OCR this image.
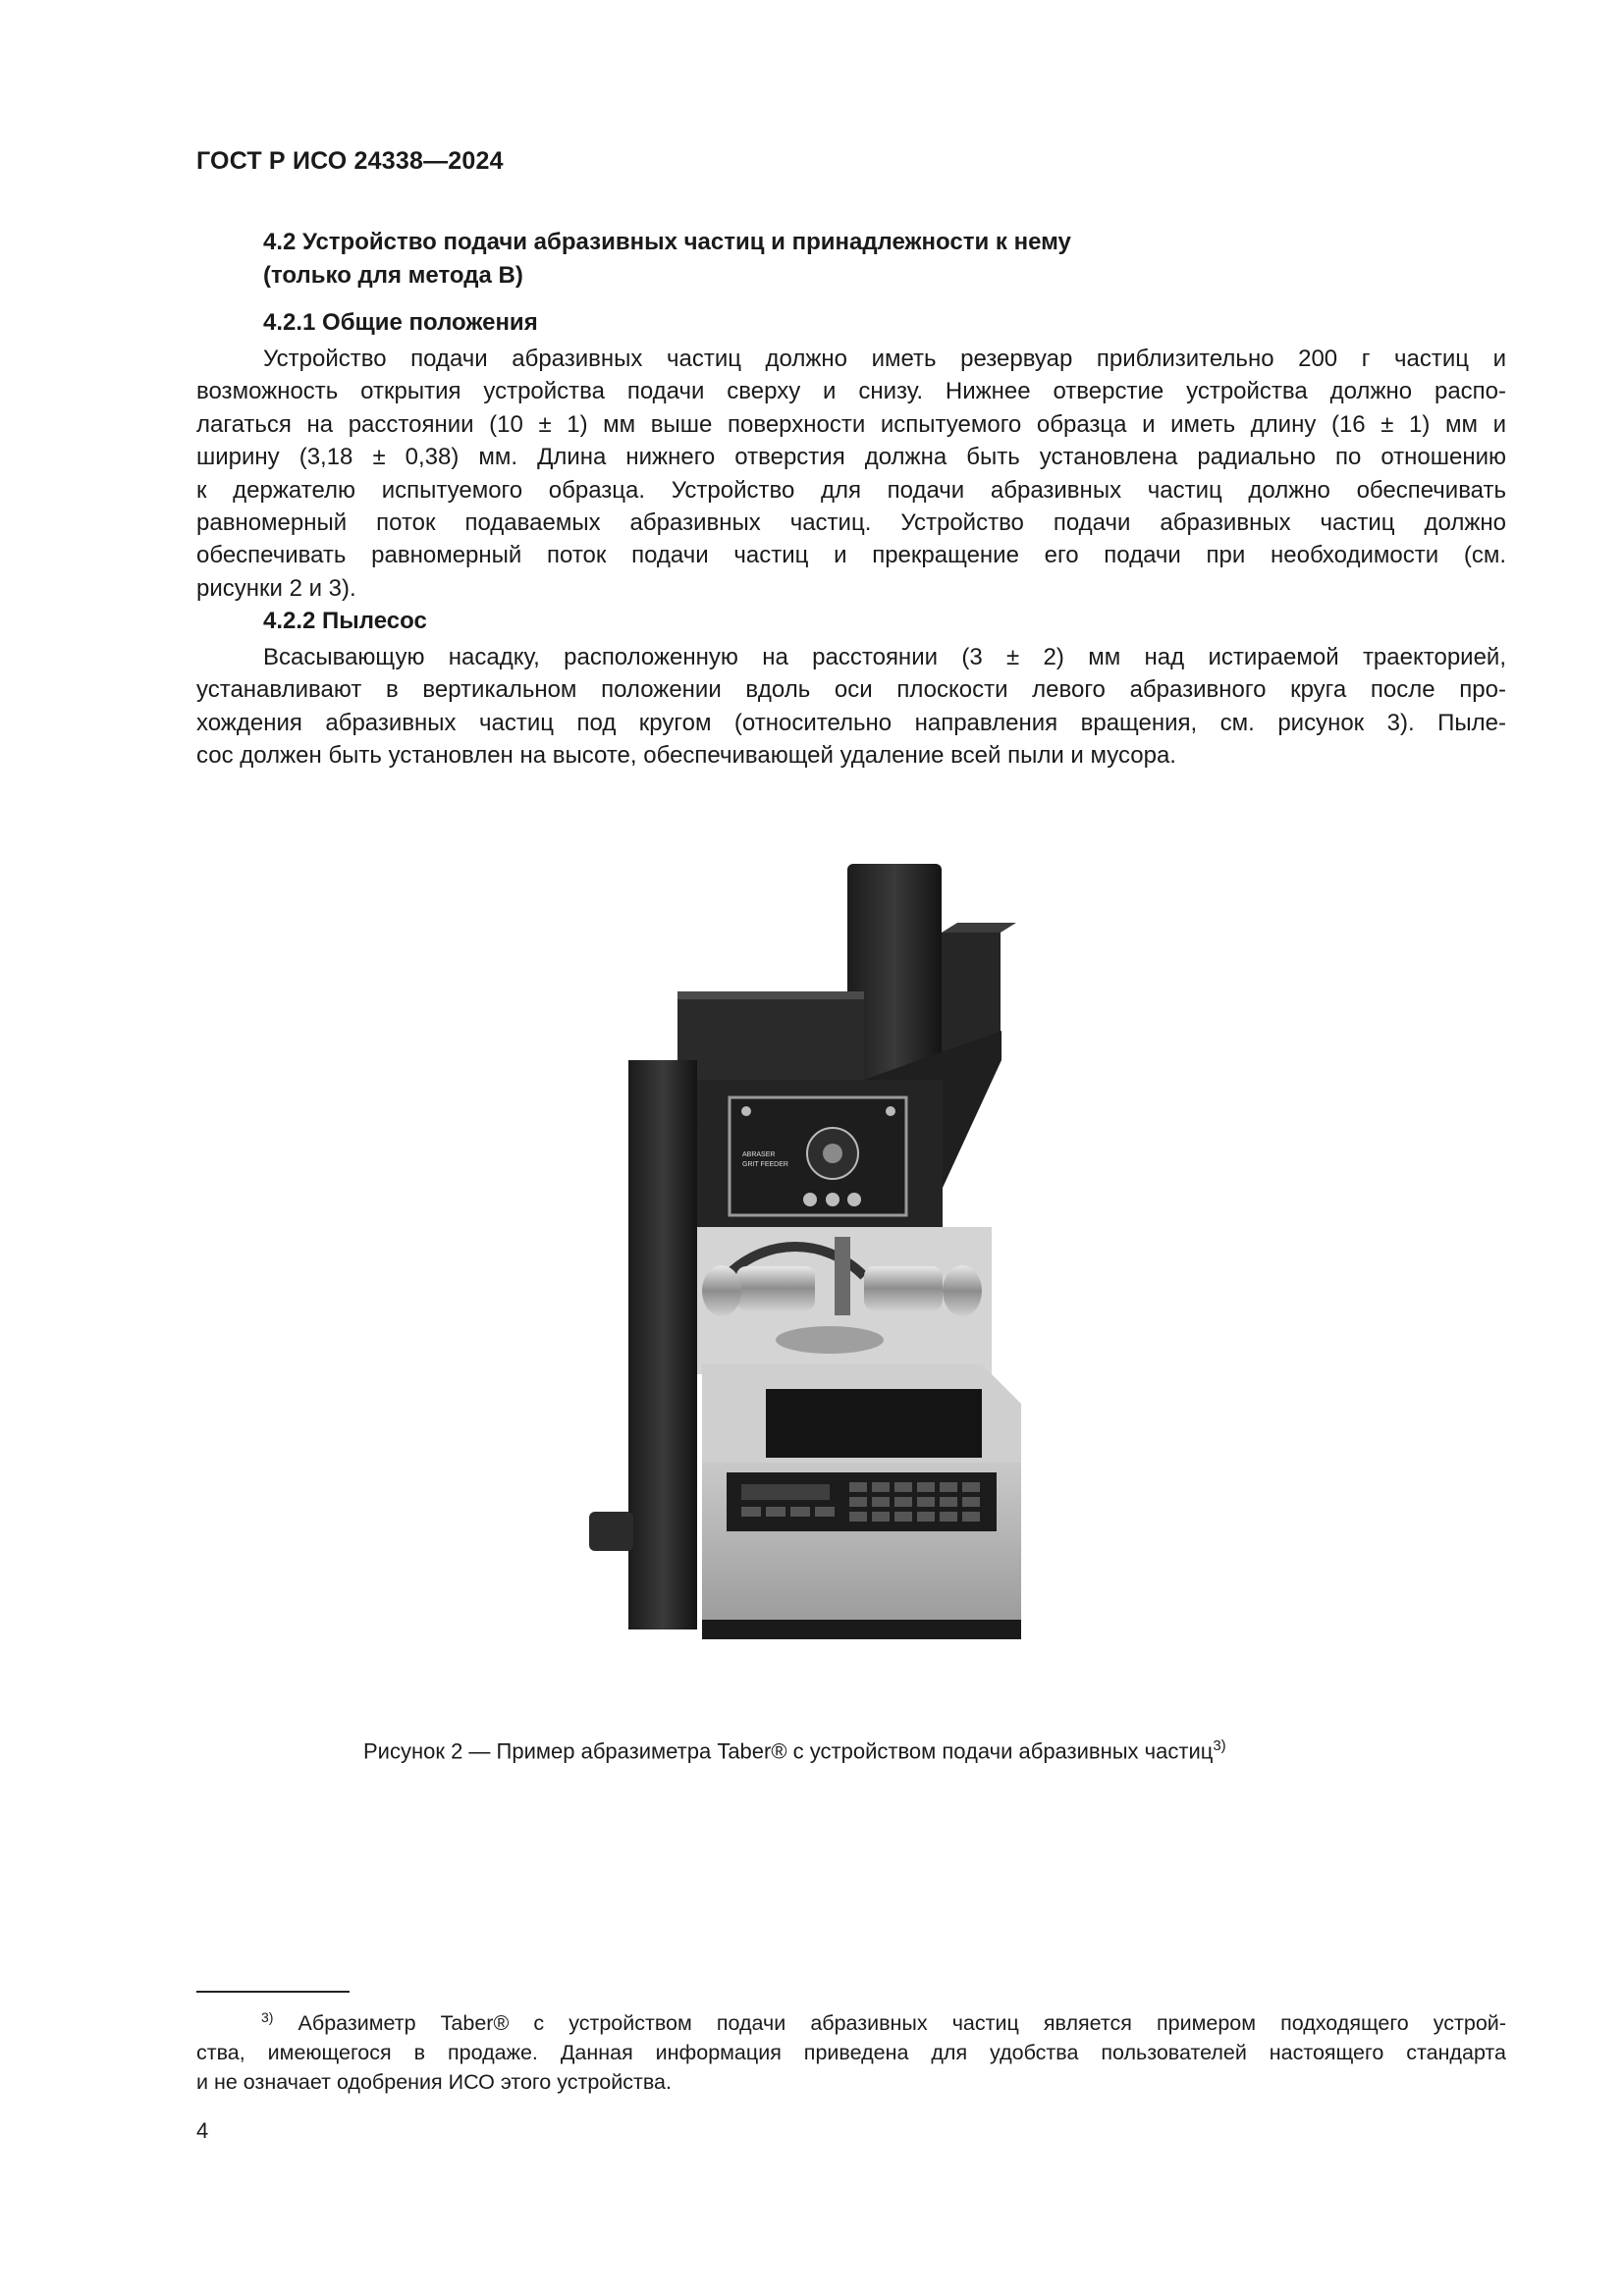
ГОСТ Р ИСО 24338—2024
4.2 Устройство подачи абразивных частиц и принадлежности к нему
(только для метода B)
4.2.1 Общие положения
Устройство подачи абразивных частиц должно иметь резервуар приблизительно 200 г частиц и
возможность открытия устройства подачи сверху и снизу. Нижнее отверстие устройства должно распо-
лагаться на расстоянии (10 ± 1) мм выше поверхности испытуемого образца и иметь длину (16 ± 1) мм и
ширину (3,18 ± 0,38) мм. Длина нижнего отверстия должна быть установлена радиально по отношению
к держателю испытуемого образца. Устройство для подачи абразивных частиц должно обеспечивать
равномерный поток подаваемых абразивных частиц. Устройство подачи абразивных частиц должно
обеспечивать равномерный поток подачи частиц и прекращение его подачи при необходимости (см.
рисунки 2 и 3).
4.2.2 Пылесос
Всасывающую насадку, расположенную на расстоянии (3 ± 2) мм над истираемой траекторией,
устанавливают в вертикальном положении вдоль оси плоскости левого абразивного круга после про-
хождения абразивных частиц под кругом (относительно направления вращения, см. рисунок 3). Пыле-
сос должен быть установлен на высоте, обеспечивающей удаление всей пыли и мусора.
ABRASER
GRIT FEEDER
Рисунок 2 — Пример абразиметра Taber® с устройством подачи абразивных частиц$^{3)}$
$^{3)}$ Абразиметр Taber® с устройством подачи абразивных частиц является примером подходящего устрой-
ства, имеющегося в продаже. Данная информация приведена для удобства пользователей настоящего стандарта
и не означает одобрения ИСО этого устройства.
4
